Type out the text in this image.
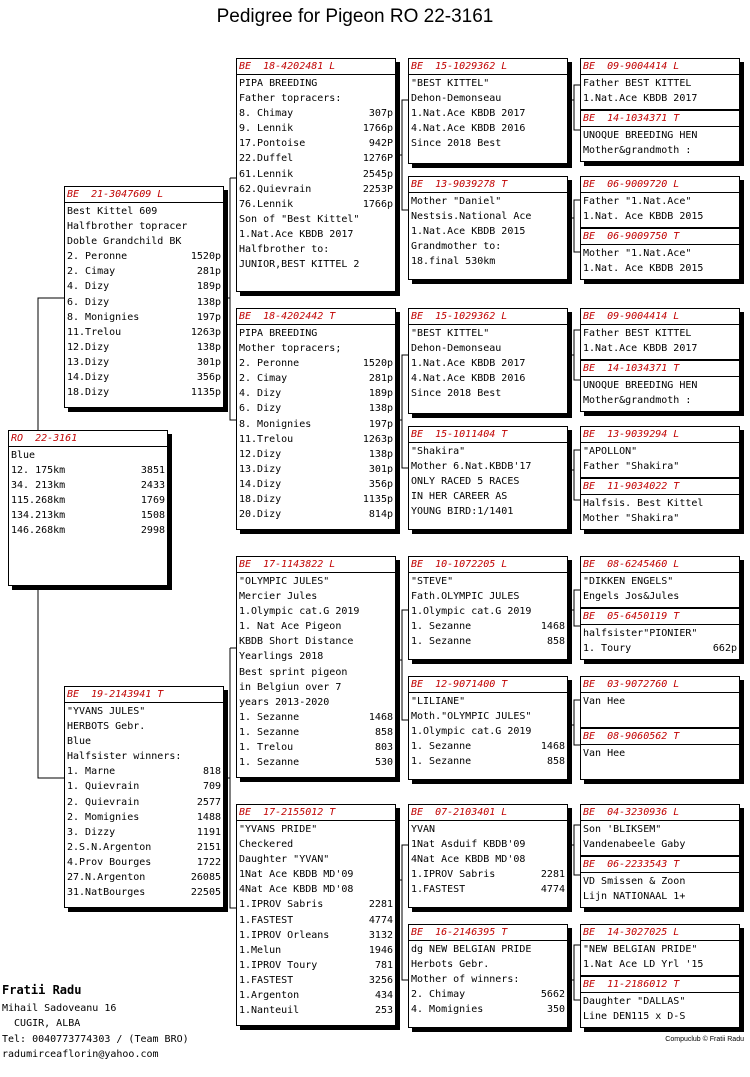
Pedigree for Pigeon RO 22-3161
RO  22-3161
Blue
3851
12. 175km
2433
34. 213km
1769
115.268km
1508
134.213km
2998
146.268km
BE  21-3047609 L
Best Kittel 609
Halfbrother topracer
Doble Grandchild BK
1520p
2. Peronne
281p
2. Cimay
189p
4. Dizy
138p
6. Dizy
197p
8. Monignies
1263p
11.Trelou
138p
12.Dizy
301p
13.Dizy
356p
14.Dizy
1135p
18.Dizy
BE  19-2143941 T
"YVANS JULES"
HERBOTS Gebr.
Blue
Halfsister winners:
818
1. Marne
709
1. Quievrain
2577
2. Quievrain
1488
2. Momignies
1191
3. Dizzy
2151
2.S.N.Argenton
1722
4.Prov Bourges
26085
27.N.Argenton
22505
31.NatBourges
BE  18-4202481 L
PIPA BREEDING
Father topracers:
307p
8. Chimay
1766p
9. Lennik
942P
17.Pontoise
1276P
22.Duffel
2545p
61.Lennik
2253P
62.Quievrain
1766p
76.Lennik
Son of "Best Kittel"
1.Nat.Ace KBDB 2017
Halfbrother to:
JUNIOR,BEST KITTEL 2
BE  18-4202442 T
PIPA BREEDING
Mother topracers;
1520p
2. Peronne
281p
2. Cimay
189p
4. Dizy
138p
6. Dizy
197p
8. Monignies
1263p
11.Trelou
138p
12.Dizy
301p
13.Dizy
356p
14.Dizy
1135p
18.Dizy
814p
20.Dizy
BE  17-1143822 L
"OLYMPIC JULES"
Mercier Jules
1.Olympic cat.G 2019
1. Nat Ace Pigeon
KBDB Short Distance
Yearlings 2018
Best sprint pigeon
in Belgiun over 7
years 2013-2020
1468
1. Sezanne
858
1. Sezanne
803
1. Trelou
530
1. Sezanne
BE  17-2155012 T
"YVANS PRIDE"
Checkered
Daughter "YVAN"
1Nat Ace KBDB MD'09
4Nat Ace KBDB MD'08
2281
1.IPROV Sabris
4774
1.FASTEST
3132
1.IPROV Orleans
1946
1.Melun
781
1.IPROV Toury
3256
1.FASTEST
434
1.Argenton
253
1.Nanteuil
BE  15-1029362 L
"BEST KITTEL"
Dehon-Demonseau
1.Nat.Ace KBDB 2017
4.Nat.Ace KBDB 2016
Since 2018 Best
BE  13-9039278 T
Mother "Daniel"
Nestsis.National Ace
1.Nat.Ace KBDB 2015
Grandmother to:
18.final 530km
BE  15-1029362 L
"BEST KITTEL"
Dehon-Demonseau
1.Nat.Ace KBDB 2017
4.Nat.Ace KBDB 2016
Since 2018 Best
BE  15-1011404 T
"Shakira"
Mother 6.Nat.KBDB'17
ONLY RACED 5 RACES
IN HER CAREER AS
YOUNG BIRD:1/1401
BE  10-1072205 L
"STEVE"
Fath.OLYMPIC JULES
1.Olympic cat.G 2019
1468
1. Sezanne
858
1. Sezanne
BE  12-9071400 T
"LILIANE"
Moth."OLYMPIC JULES"
1.Olympic cat.G 2019
1468
1. Sezanne
858
1. Sezanne
BE  07-2103401 L
YVAN
1Nat Asduif KBDB'09
4Nat Ace KBDB MD'08
2281
1.IPROV Sabris
4774
1.FASTEST
BE  16-2146395 T
dg NEW BELGIAN PRIDE
Herbots Gebr.
Mother of winners:
5662
2. Chimay
350
4. Momignies
BE  09-9004414 L
Father BEST KITTEL
1.Nat.Ace KBDB 2017
BE  14-1034371 T
UNOQUE BREEDING HEN
Mother&grandmoth :
BE  06-9009720 L
Father "1.Nat.Ace"
1.Nat. Ace KBDB 2015
BE  06-9009750 T
Mother "1.Nat.Ace"
1.Nat. Ace KBDB 2015
BE  09-9004414 L
Father BEST KITTEL
1.Nat.Ace KBDB 2017
BE  14-1034371 T
UNOQUE BREEDING HEN
Mother&grandmoth :
BE  13-9039294 L
"APOLLON"
Father "Shakira"
BE  11-9034022 T
Halfsis. Best Kittel
Mother "Shakira"
BE  08-6245460 L
"DIKKEN ENGELS"
Engels Jos&Jules
BE  05-6450119 T
halfsister"PIONIER"
662p
1. Toury
BE  03-9072760 L
Van Hee
BE  08-9060562 T
Van Hee
BE  04-3230936 L
Son 'BLIKSEM"
Vandenabeele Gaby
BE  06-2233543 T
VD Smissen & Zoon
Lijn NATIONAAL 1+
BE  14-3027025 L
"NEW BELGIAN PRIDE"
1.Nat Ace LD Yrl '15
BE  11-2186012 T
Daughter "DALLAS"
Line DEN115 x D-S

Fratii Radu
Mihail Sadoveanu 16
CUGIR, ALBA
Tel: 0040773774303 / (Team BRO)
radumirceaflorin@yahoo.com
Compuclub © Fratii Radu
